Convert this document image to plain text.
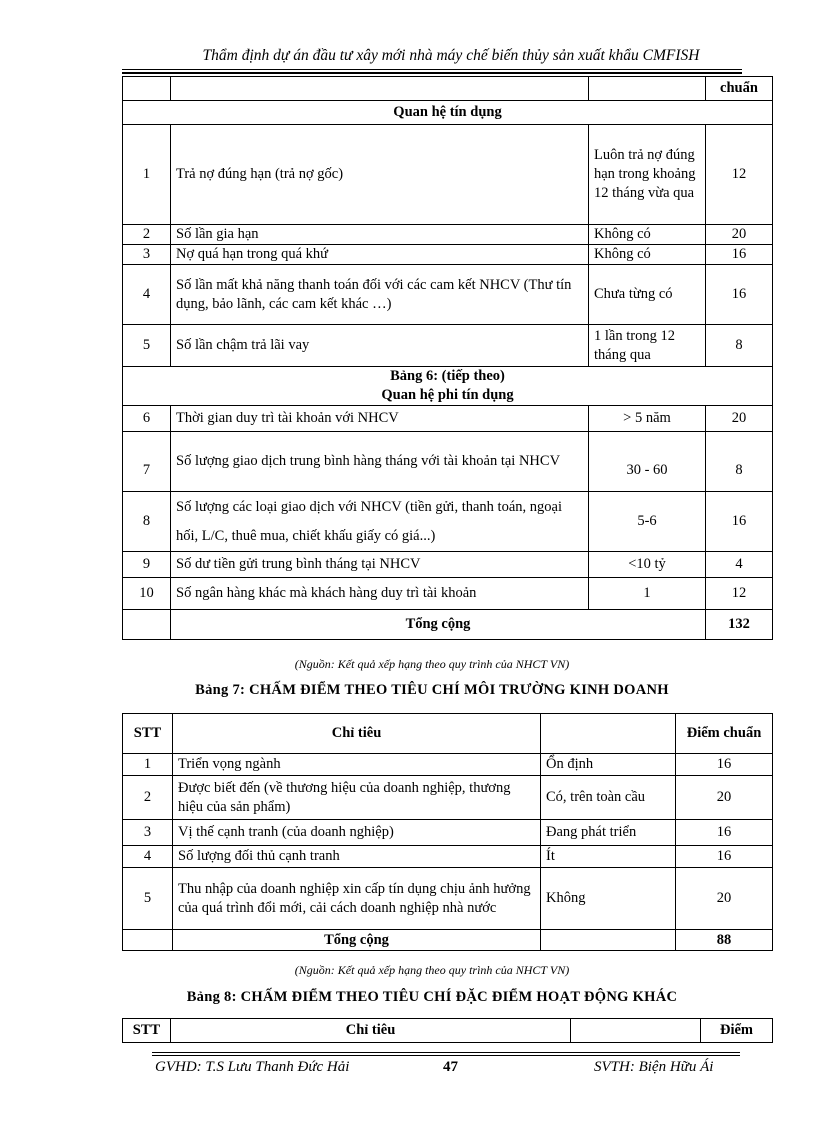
Thẩm định dự án đầu tư xây mới nhà máy chế biến thủy sản xuất khẩu CMFISH
			chuẩn
Quan hệ tín dụng			
1	Trả nợ đúng hạn (trả nợ gốc)	Luôn trả nợ đúng hạn trong khoảng 12 tháng vừa qua	12
2	Số lần gia hạn	Không có	20
3	Nợ quá hạn trong quá khứ	Không có	16
4	Số lần mất khả năng thanh toán đối với các cam kết NHCV (Thư tín dụng, bảo lãnh, các cam kết khác …)	Chưa từng có	16
5	Số lần chậm trả lãi vay	1 lần trong 12 tháng qua	8

Bảng 6: (tiếp theo)
Quan hệ phi tín dụng			

6	Thời gian duy trì tài khoản với NHCV	> 5 năm	20
7	Số lượng giao dịch trung bình hàng tháng với tài khoản tại NHCV	30 - 60	8
8	Số lượng các loại giao dịch với NHCV (tiền gửi, thanh toán, ngoại hối, L/C, thuê mua, chiết khấu giấy có giá...)	5-6	16
9	Số dư tiền gửi trung bình tháng tại NHCV	<10 tỷ	4
10	Số ngân hàng khác mà khách hàng duy trì tài khoản	1	12
	Tổng cộng		132
(Nguồn: Kết quả xếp hạng theo quy trình của NHCT VN)
Bảng 7: CHẤM ĐIỂM THEO TIÊU CHÍ MÔI TRƯỜNG KINH DOANH
STT	Chỉ tiêu		Điểm chuẩn
1	Triển vọng ngành	Ổn định	16
2	Được biết đến (về thương hiệu của doanh nghiệp, thương hiệu của sản phẩm)	Có, trên toàn cầu	20
3	Vị thế cạnh tranh (của doanh nghiệp)	Đang phát triển	16
4	Số lượng đối thủ cạnh tranh	Ít	16
5	Thu nhập của doanh nghiệp xin cấp tín dụng chịu ảnh hưởng của quá trình đổi mới, cải cách doanh nghiệp nhà nước	Không	20
	Tổng cộng		88
(Nguồn: Kết quả xếp hạng theo quy trình của NHCT VN)
Bảng 8: CHẤM ĐIỂM THEO TIÊU CHÍ ĐẶC ĐIỂM HOẠT ĐỘNG KHÁC
STT	Chỉ tiêu		Điểm
GVHD: T.S Lưu Thanh Đức Hải	47	SVTH: Biện Hữu Ái
